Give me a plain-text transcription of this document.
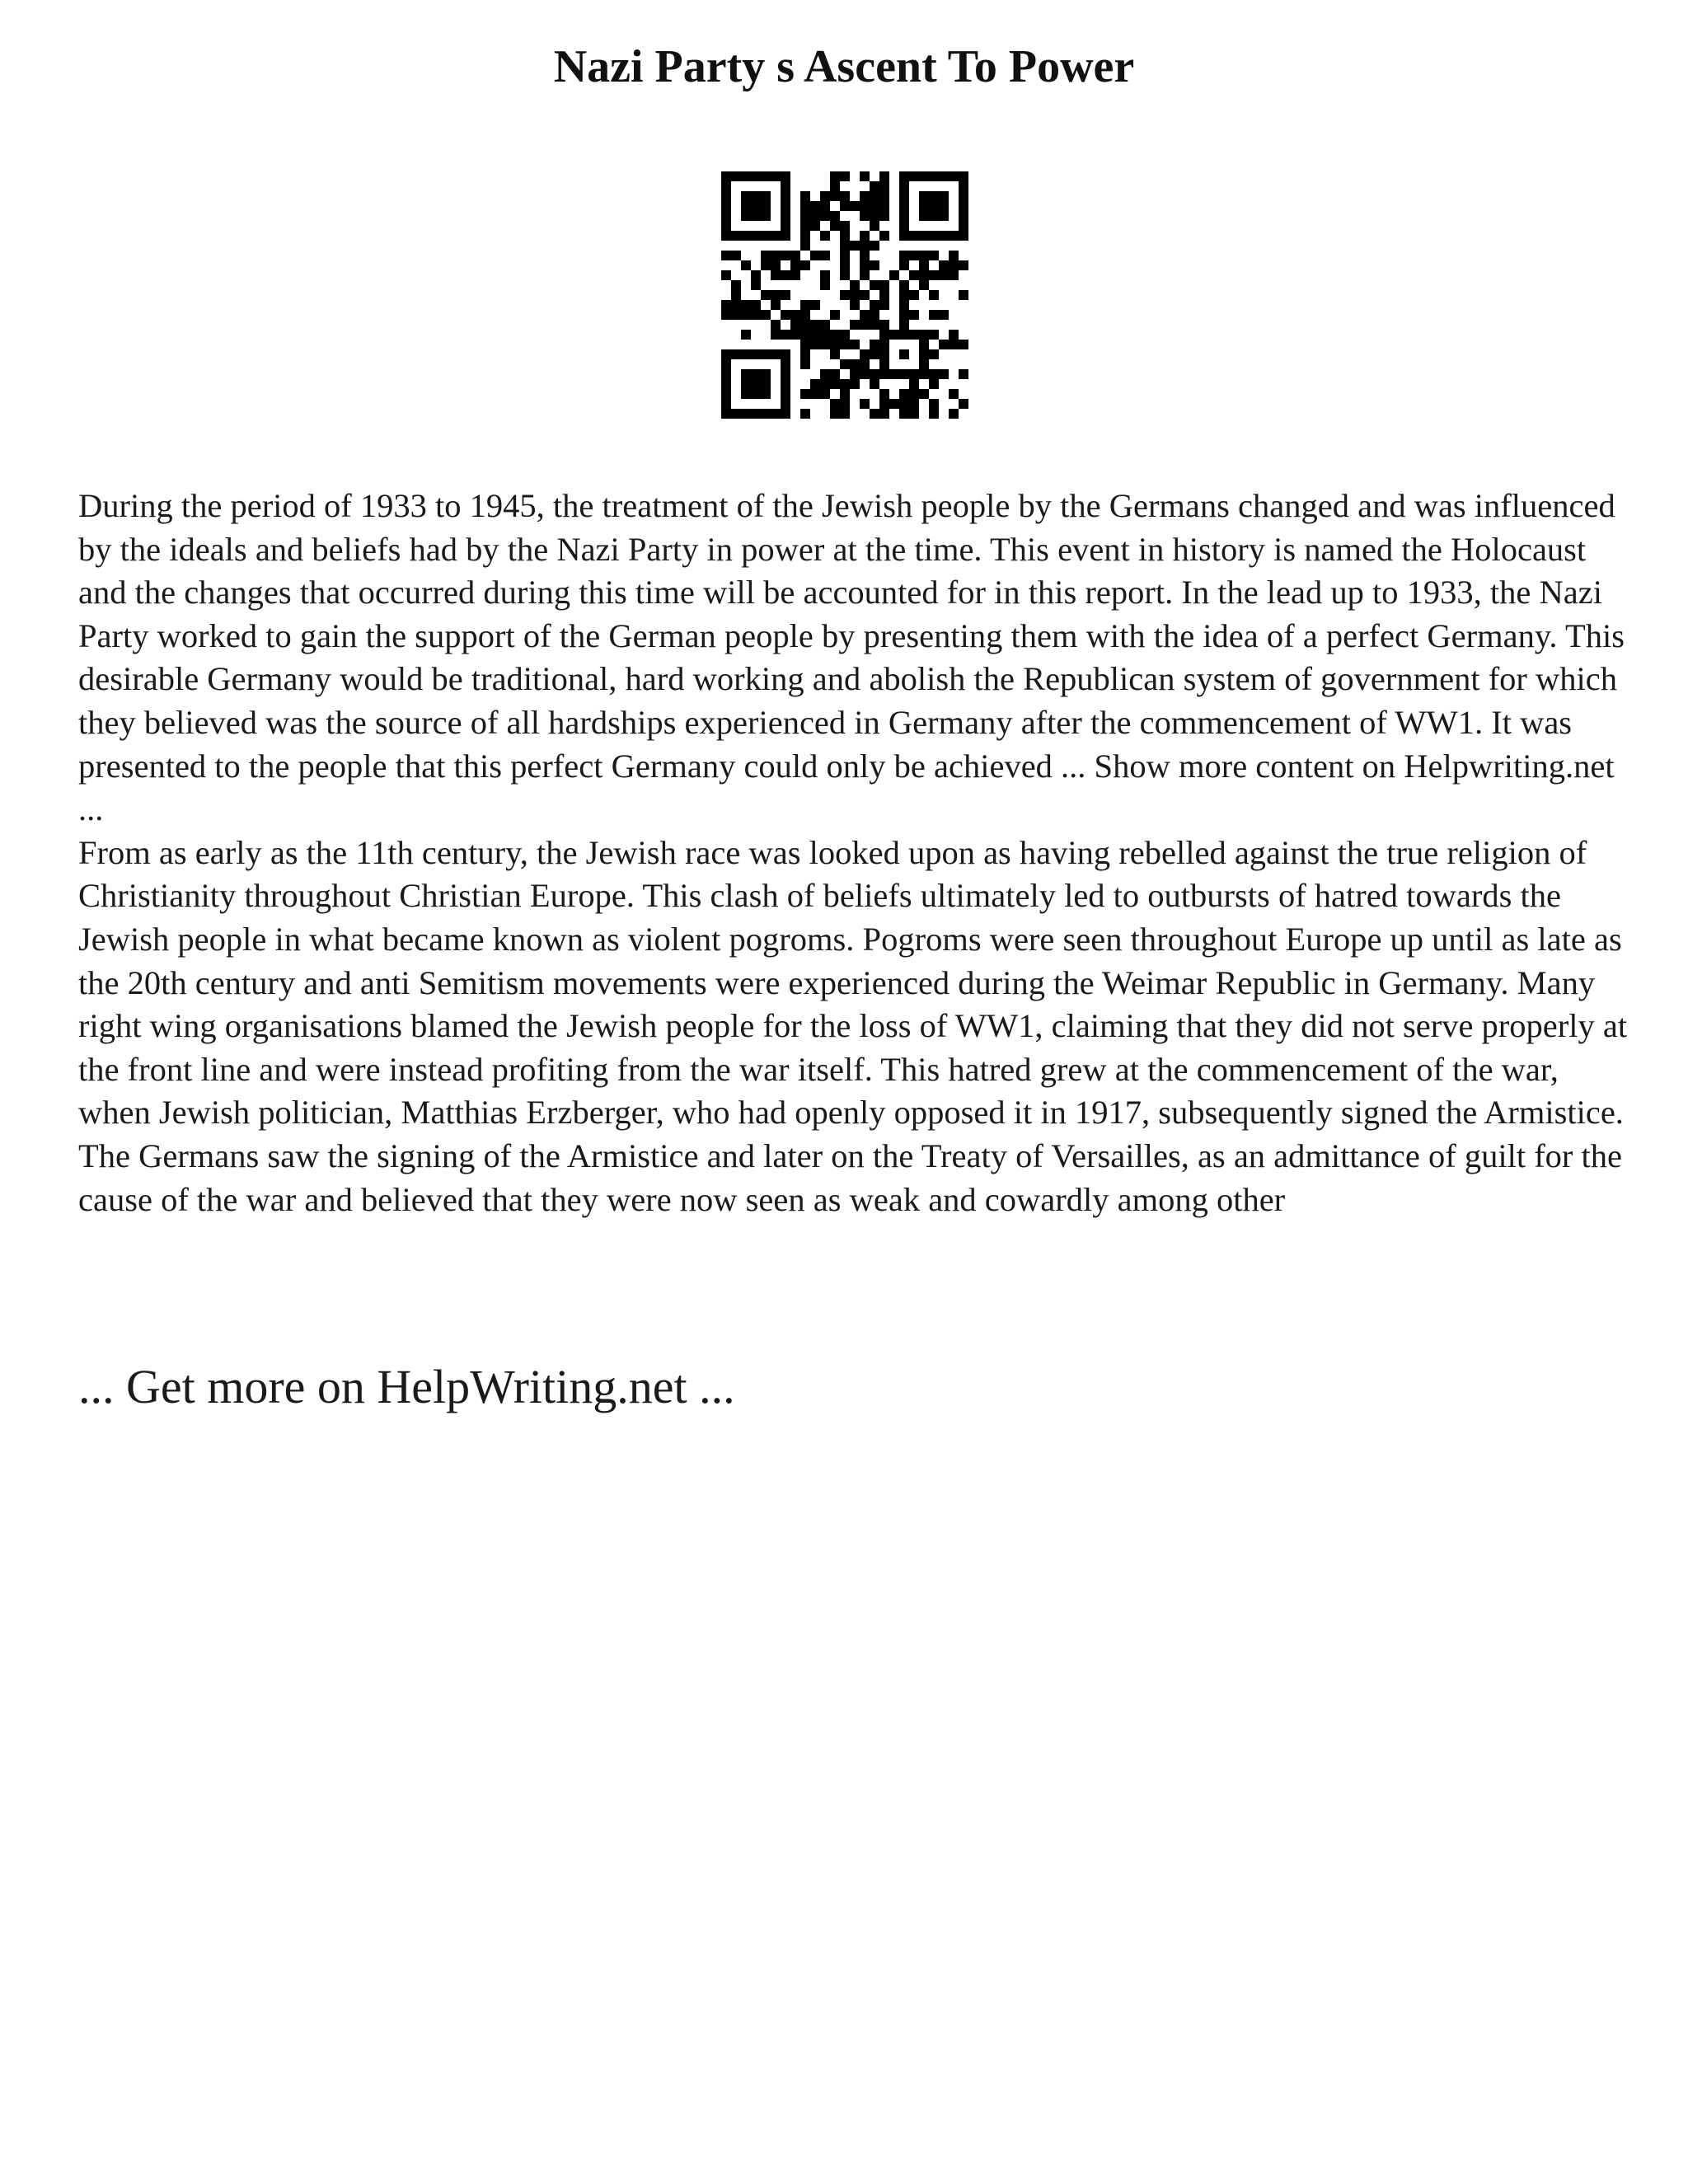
Nazi Party s Ascent To Power

During the period of 1933 to 1945, the treatment of the Jewish people by the Germans changed and was influenced by the ideals and beliefs had by the Nazi Party in power at the time. This event in history is named the Holocaust and the changes that occurred during this time will be accounted for in this report. In the lead up to 1933, the Nazi Party worked to gain the support of the German people by presenting them with the idea of a perfect Germany. This desirable Germany would be traditional, hard working and abolish the Republican system of government for which they believed was the source of all hardships experienced in Germany after the commencement of WW1. It was presented to the people that this perfect Germany could only be achieved ... Show more content on Helpwriting.net ...

From as early as the 11th century, the Jewish race was looked upon as having rebelled against the true religion of Christianity throughout Christian Europe. This clash of beliefs ultimately led to outbursts of hatred towards the Jewish people in what became known as violent pogroms. Pogroms were seen throughout Europe up until as late as the 20th century and anti Semitism movements were experienced during the Weimar Republic in Germany. Many right wing organisations blamed the Jewish people for the loss of WW1, claiming that they did not serve properly at the front line and were instead profiting from the war itself. This hatred grew at the commencement of the war, when Jewish politician, Matthias Erzberger, who had openly opposed it in 1917, subsequently signed the Armistice. The Germans saw the signing of the Armistice and later on the Treaty of Versailles, as an admittance of guilt for the cause of the war and believed that they were now seen as weak and cowardly among other

... Get more on HelpWriting.net ...
